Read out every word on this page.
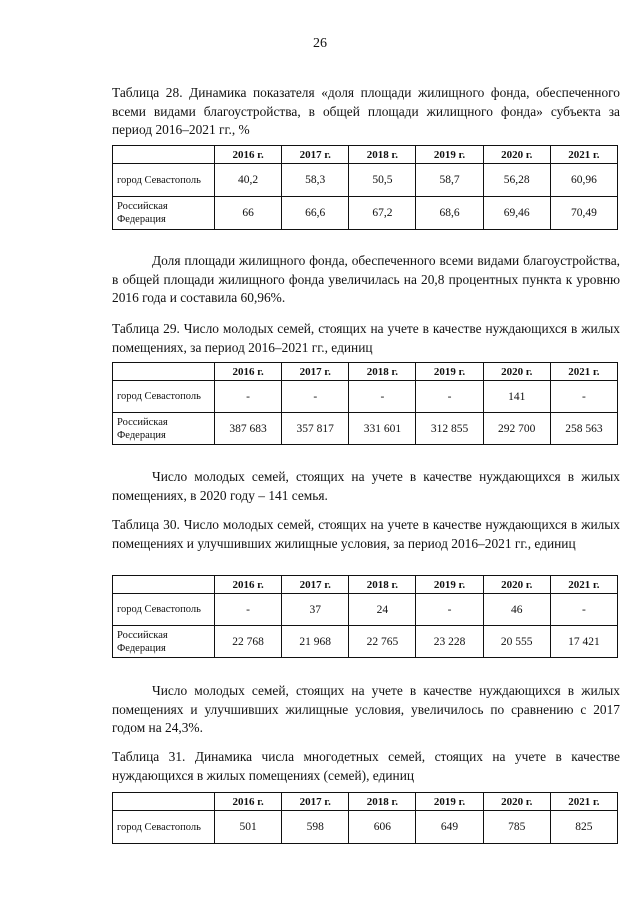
26
Таблица 28. Динамика показателя «доля площади жилищного фонда, обеспеченного всеми видами благоустройства, в общей площади жилищного фонда» субъекта за период 2016–2021 гг., %
	2016 г.	2017 г.	2018 г.	2019 г.	2020 г.	2021 г.
город Севастополь	40,2	58,3	50,5	58,7	56,28	60,96
Российская Федерация	66	66,6	67,2	68,6	69,46	70,49
Доля площади жилищного фонда, обеспеченного всеми видами благоустройства, в общей площади жилищного фонда увеличилась на 20,8 процентных пункта к уровню 2016 года и составила 60,96%.
Таблица 29. Число молодых семей, стоящих на учете в качестве нуждающихся в жилых помещениях, за период 2016–2021 гг., единиц
	2016 г.	2017 г.	2018 г.	2019 г.	2020 г.	2021 г.
город Севастополь	-	-	-	-	141	-
Российская Федерация	387 683	357 817	331 601	312 855	292 700	258 563
Число молодых семей, стоящих на учете в качестве нуждающихся в жилых помещениях, в 2020 году – 141 семья.
Таблица 30. Число молодых семей, стоящих на учете в качестве нуждающихся в жилых помещениях и улучшивших жилищные условия, за период 2016–2021 гг., единиц
	2016 г.	2017 г.	2018 г.	2019 г.	2020 г.	2021 г.
город Севастополь	-	37	24	-	46	-
Российская Федерация	22 768	21 968	22 765	23 228	20 555	17 421
Число молодых семей, стоящих на учете в качестве нуждающихся в жилых помещениях и улучшивших жилищные условия, увеличилось по сравнению с 2017 годом на 24,3%.
Таблица 31. Динамика числа многодетных семей, стоящих на учете в качестве нуждающихся в жилых помещениях (семей), единиц
	2016 г.	2017 г.	2018 г.	2019 г.	2020 г.	2021 г.
город Севастополь	501	598	606	649	785	825
